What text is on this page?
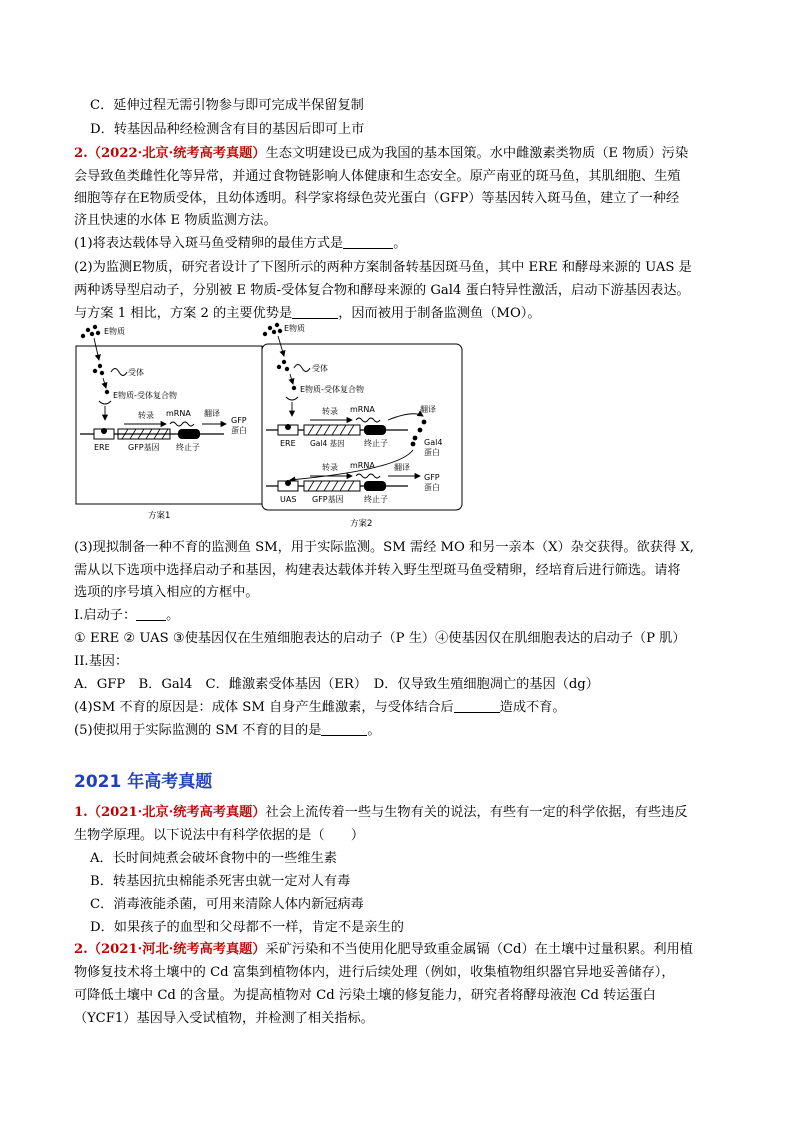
C．延伸过程无需引物参与即可完成半保留复制
D．转基因品种经检测含有目的基因后即可上市
2.（2022·北京·统考高考真题）生态文明建设已成为我国的基本国策。水中雌激素类物质（E 物质）污染
会导致鱼类雌性化等异常，并通过食物链影响人体健康和生态安全。原产南亚的斑马鱼，其肌细胞、生殖
细胞等存在E物质受体，且幼体透明。科学家将绿色荧光蛋白（GFP）等基因转入斑马鱼，建立了一种经
济且快速的水体 E 物质监测方法。
(1)将表达载体导入斑马鱼受精卵的最佳方式是	。
(2)为监测E物质，研究者设计了下图所示的两种方案制备转基因斑马鱼，其中 ERE 和酵母来源的 UAS 是
两种诱导型启动子，分别被 E 物质-受体复合物和酵母来源的 Gal4 蛋白特异性激活，启动下游基因表达。
与方案 1 相比，方案 2 的主要优势是	，因而被用于制备监测鱼（MO）。
E物质
受体
E物质-受体复合物
转录 mRNA 翻译
GFP
蛋白
ERE GFP基因 终止子
方案1
E物质
受体
E物质-受体复合物
转录 mRNA	翻译
ERE Gal4 基因 终止子	Gal4
蛋白
转录 mRNA 翻译
GFP
蛋白
UAS GFP基因	终止子
方案2
(3)现拟制备一种不育的监测鱼 SM，用于实际监测。SM 需经 MO 和另一亲本（X）杂交获得。欲获得 X,
需从以下选项中选择启动子和基因，构建表达载体并转入野生型斑马鱼受精卵，经培育后进行筛选。请将
选项的序号填入相应的方框中。
I.启动子： 。
① ERE ② UAS ③使基因仅在生殖细胞表达的启动子（P 生）④使基因仅在肌细胞表达的启动子（P 肌）
II.基因：
A．GFP　B．Gal4　C．雌激素受体基因（ER）　D．仅导致生殖细胞凋亡的基因（dg）
(4)SM 不育的原因是：成体 SM 自身产生雌激素，与受体结合后	造成不育。
(5)使拟用于实际监测的 SM 不育的目的是	。
2021 年高考真题
1.（2021·北京·统考高考真题）社会上流传着一些与生物有关的说法，有些有一定的科学依据，有些违反
生物学原理。以下说法中有科学依据的是（　　）
A．长时间炖煮会破坏食物中的一些维生素
B．转基因抗虫棉能杀死害虫就一定对人有毒
C．消毒液能杀菌，可用来清除人体内新冠病毒
D．如果孩子的血型和父母都不一样，肯定不是亲生的
2.（2021·河北·统考高考真题）采矿污染和不当使用化肥导致重金属镉（Cd）在土壤中过量积累。利用植
物修复技术将土壤中的 Cd 富集到植物体内，进行后续处理（例如，收集植物组织器官异地妥善储存），
可降低土壤中 Cd 的含量。为提高植物对 Cd 污染土壤的修复能力，研究者将酵母液泡 Cd 转运蛋白
（YCF1）基因导入受试植物，并检测了相关指标。
